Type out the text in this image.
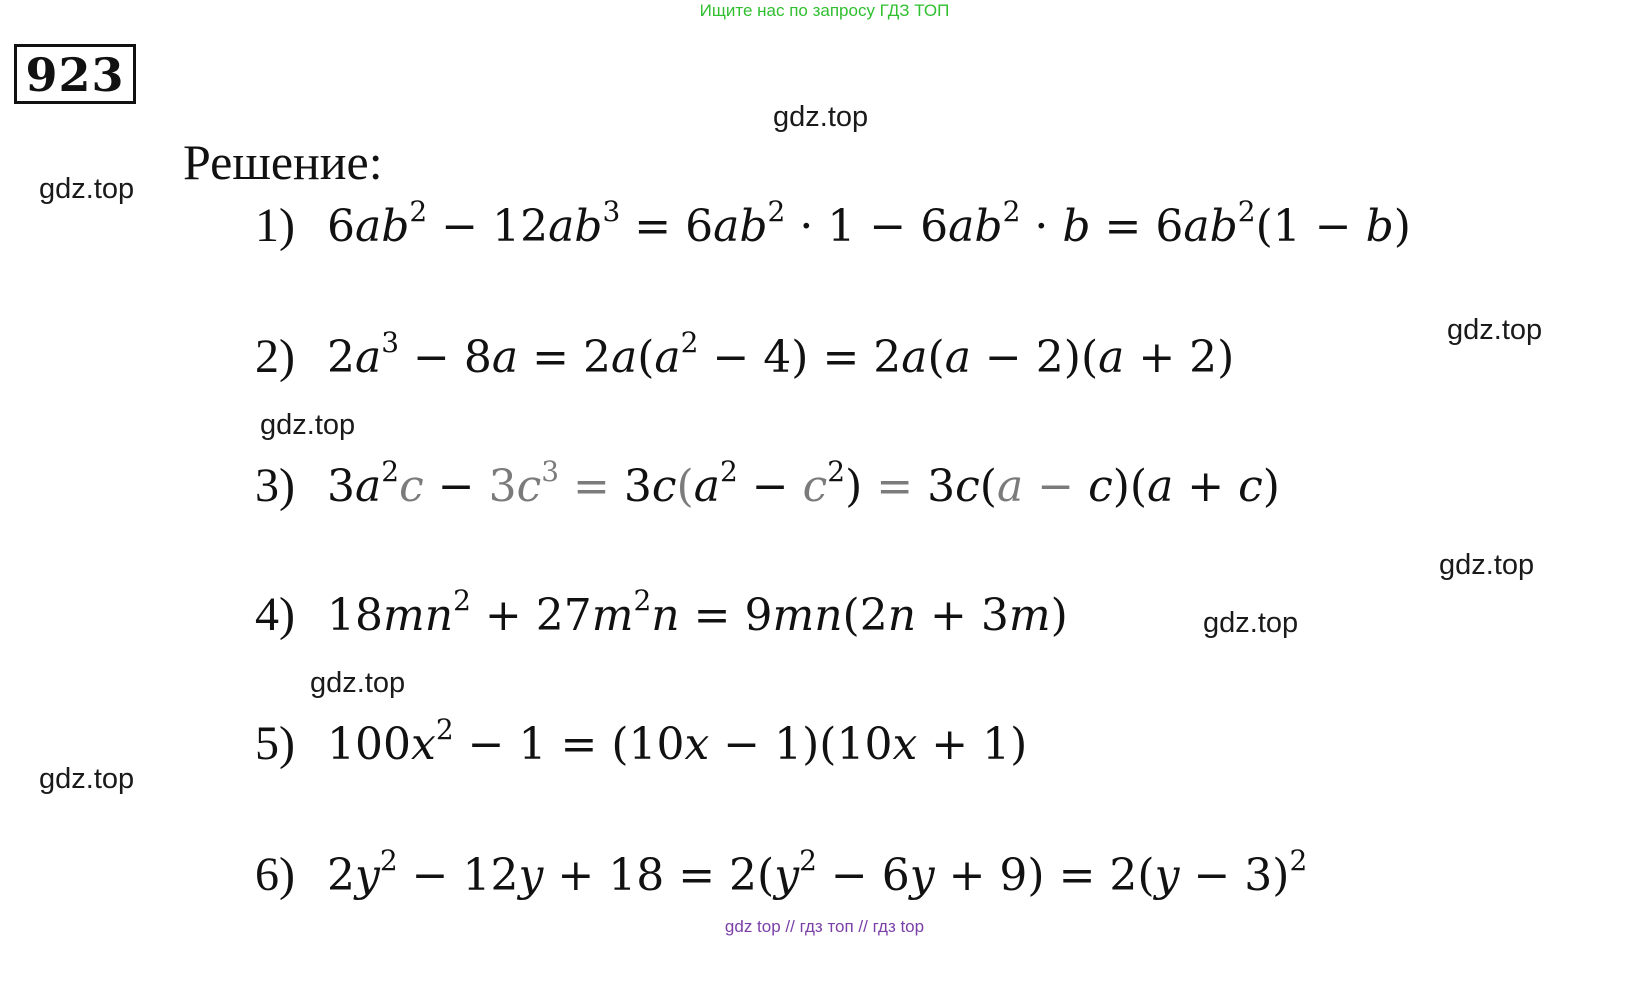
Ищите нас по запросу ГДЗ ТОП
923
gdz.top
Решение:
gdz.top
1) $6ab^2 - 12ab^3 = 6ab^2 \cdot 1 - 6ab^2 \cdot b = 6ab^2(1 - b)$
gdz.top
2) $2a^3 - 8a = 2a(a^2 - 4) = 2a(a - 2)(a + 2)$
gdz.top
3) $3a^2c - 3c^3 = 3c(a^2 - c^2) = 3c(a - c)(a + c)$
gdz.top
4) $18mn^2 + 27m^2n = 9mn(2n + 3m)$	gdz.top
gdz.top
5) $100x^2 - 1 = (10x - 1)(10x + 1)$
gdz.top
6) $2y^2 - 12y + 18 = 2(y^2 - 6y + 9) = 2(y - 3)^2$
gdz top // гдз топ // гдз top
